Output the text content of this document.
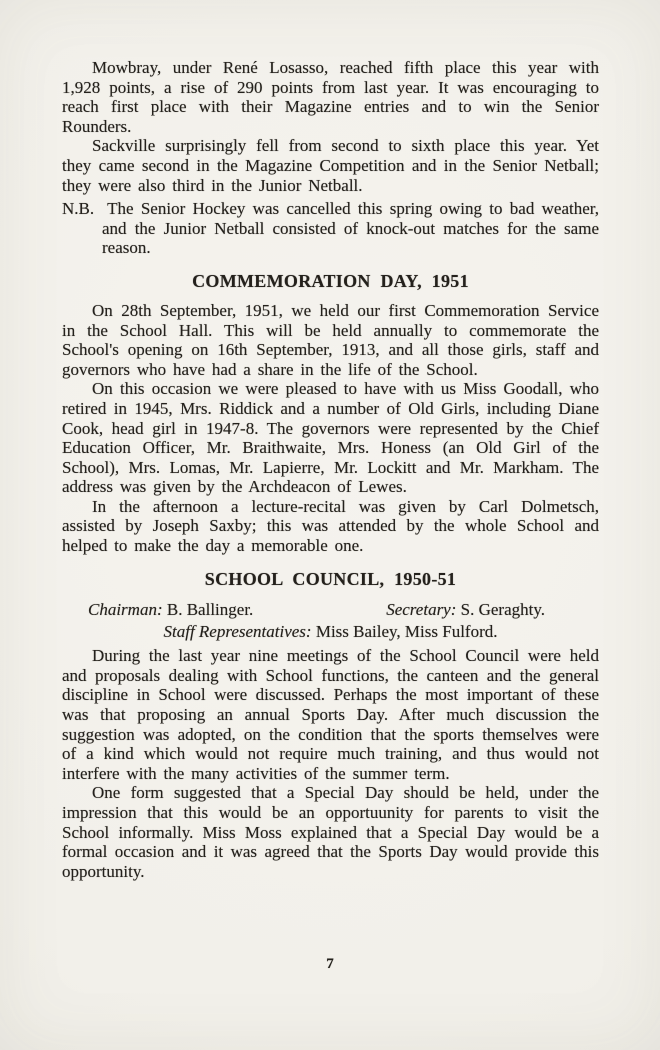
Mowbray, under René Losasso, reached fifth place this year with 1,928 points, a rise of 290 points from last year. It was encouraging to reach first place with their Magazine entries and to win the Senior Rounders.

Sackville surprisingly fell from second to sixth place this year. Yet they came second in the Magazine Competition and in the Senior Netball; they were also third in the Junior Netball.

N.B. The Senior Hockey was cancelled this spring owing to bad weather, and the Junior Netball consisted of knock-out matches for the same reason.

COMMEMORATION DAY, 1951

On 28th September, 1951, we held our first Commemoration Service in the School Hall. This will be held annually to commemorate the School's opening on 16th September, 1913, and all those girls, staff and governors who have had a share in the life of the School.

On this occasion we were pleased to have with us Miss Goodall, who retired in 1945, Mrs. Riddick and a number of Old Girls, including Diane Cook, head girl in 1947-8. The governors were represented by the Chief Education Officer, Mr. Braithwaite, Mrs. Honess (an Old Girl of the School), Mrs. Lomas, Mr. Lapierre, Mr. Lockitt and Mr. Markham. The address was given by the Archdeacon of Lewes.

In the afternoon a lecture-recital was given by Carl Dolmetsch, assisted by Joseph Saxby; this was attended by the whole School and helped to make the day a memorable one.

SCHOOL COUNCIL, 1950-51
Chairman: B. Ballinger.	Secretary: S. Geraghty.
Staff Representatives: Miss Bailey, Miss Fulford.

During the last year nine meetings of the School Council were held and proposals dealing with School functions, the canteen and the general discipline in School were discussed. Perhaps the most important of these was that proposing an annual Sports Day. After much discussion the suggestion was adopted, on the condition that the sports themselves were of a kind which would not require much training, and thus would not interfere with the many activities of the summer term.

One form suggested that a Special Day should be held, under the impression that this would be an opportuunity for parents to visit the School informally. Miss Moss explained that a Special Day would be a formal occasion and it was agreed that the Sports Day would provide this opportunity.

7
